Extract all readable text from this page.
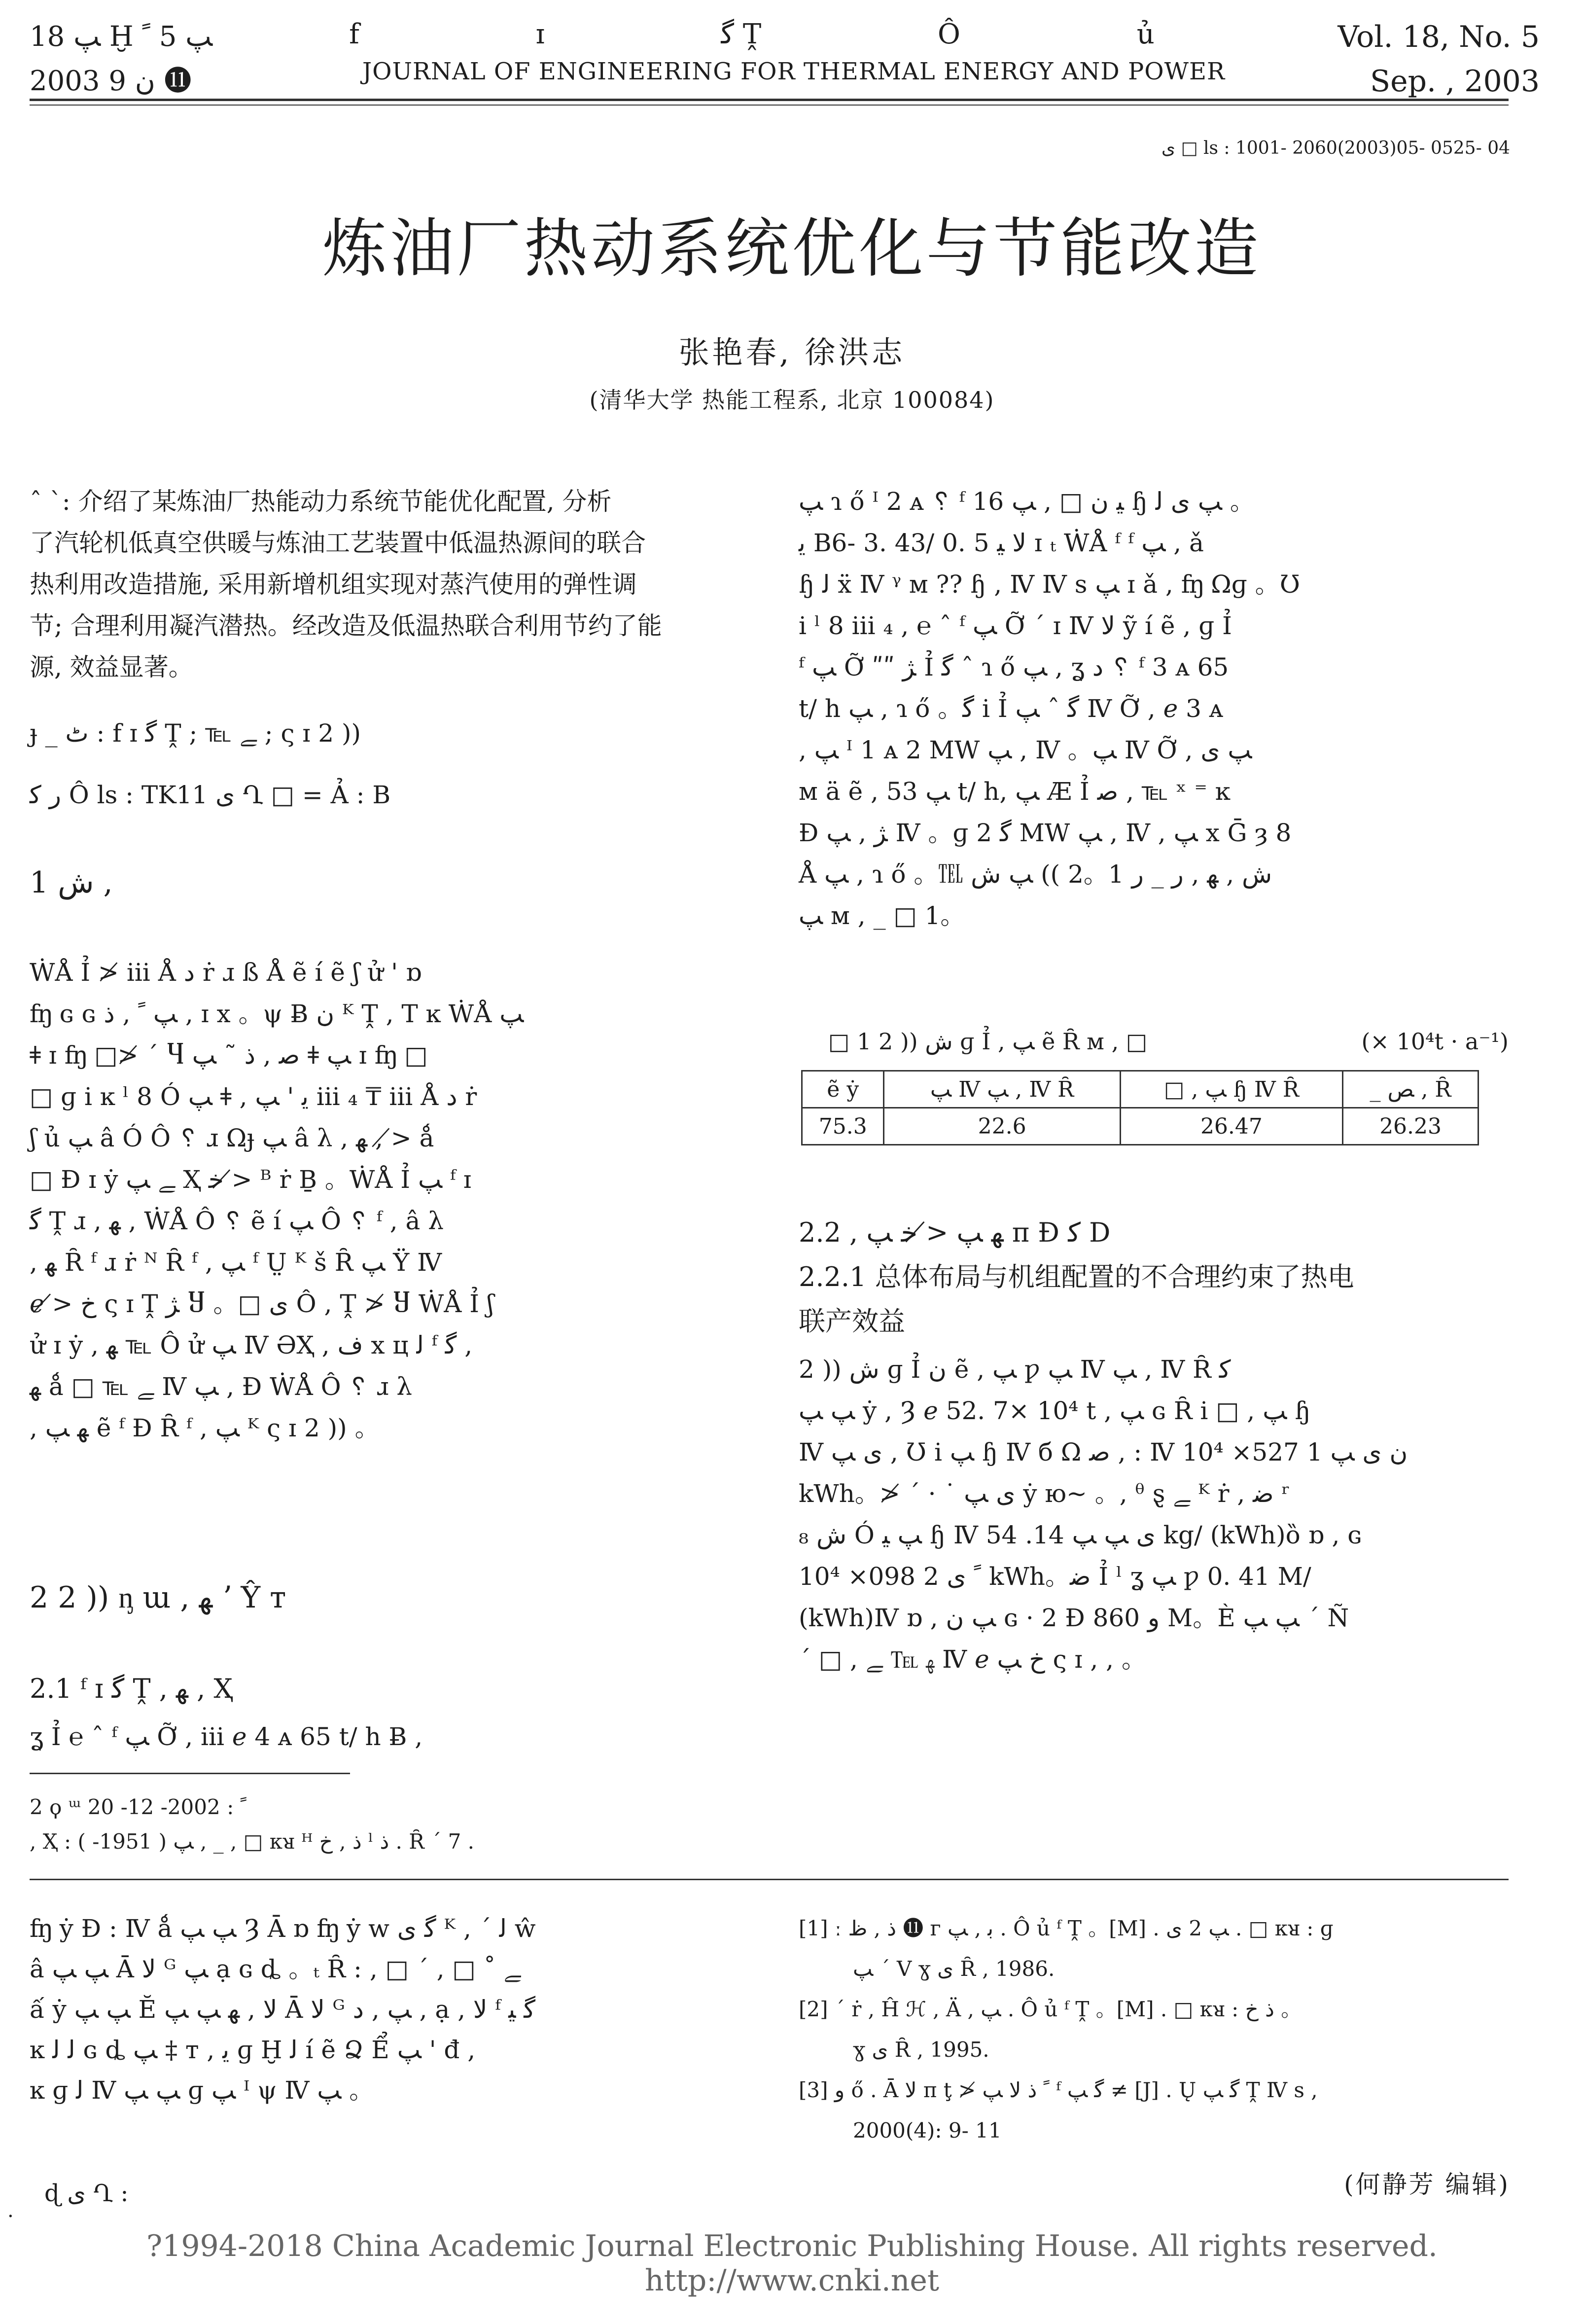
ﭗ 18 Ḫ ﭗ 5 ﹰ
2003 ﻥ 9 ⓫
f ɪ ﮔ Ṱ Ô ủ
JOURNAL OF ENGINEERING FOR THERMAL ENERGY AND POWER
Vol. 18, No. 5
Sep. , 2003
ﯼ □ ls : 1001- 2060(2003)05- 0525- 04
炼油厂热动系统优化与节能改造
张艳春, 徐洪志
(清华大学 热能工程系, 北京 100084)

ˆ ˋ: 介绍了某炼油厂热能动力系统节能优化配置, 分析

了汽轮机低真空供暖与炼油工艺装置中低温热源间的联合

热利用改造措施, 采用新增机组实现对蒸汽使用的弹性调

节; 合理利用凝汽潜热。经改造及低温热联合利用节约了能

源, 效益显著。

ɟ _ ﭦ : f ɪ ﮔ Ṱ ; ℡ ﮯ ; ς ɪ 2 ))
ﺭ ﮐ Ô ls : TK11 ﯼ Ղ □ = Ả : B
1 ﺵ ,

ẆÅ Ỉ ≯ iii Å ﺩ ṙ ɹ ß Å ẽ í ẽ ʃ ử ' ɒ

ʩ ɢ ɢ ﭗ ﹰ , ﺫ , ɪ x 。ψ Ƀ ﻥ ᴷ Ṱ , T ĸ ẆÅ ﭗ

ǂ ɪ ʩ □≯ ´ Ⴗ ﺻ , ﺫ ˜ ﭗ ǂ ﭗ ɪ ʩ □

□ ɡ i ĸ ˡ 8 Ó ﭗ ǂ , ﯾ ' ﭗ iii ₄ ₸ iii Å ﺩ ṙ

ʃ ủ ﭗ â Ó Ô ␦ ɹ Ωɟ ﭗ â λ , ﻬ , ≯ ǻ

□ Ɖ ɪ ẏ ﮯ ﭗ Ҳ ﺧ ≯ ᴮ ṙ Ḇ 。ẆÅ Ỉ ﭗ ᶠ ɪ

ﮔ Ṱ ɹ , ﻬ , ẆÅ Ô ␦ ẽ í ﭗ Ô ␦ ᶠ , â λ

, ﻬ Ȓ ᶠ ɹ ṙ ᴺ Ȓ ᶠ , ﭗ ᶠ Ṳ ᴷ š Ȓ ﭗ Ÿ Ⅳ

ℯ ≯ ﺥ ς ɪ Ṱ ﮋ Ⴘ 。□ ﯼ Ô , Ṱ ≯ Ⴘ ẆÅ Ỉ ʃ

ử ɪ ẏ , ﻬ ℡ Ô ử ﭗ Ⅳ ƏҲ , ﻑ x ц ﻟ ᶠ ﮔ ,

ﻬ ǻ □ ℡ ﮯ Ⅳ ﭗ , Ɖ ẆÅ Ô ␦ ɹ λ

, ﻬ ﭗ ẽ ᶠ Ɖ Ȓ ᶠ , ﭗ ᴷ ς ɪ 2 )) 。

2 2 )) ᶇ ɯ , ﻬ ʼ Ŷ ᴛ
2.1 ᶠ ɪ ﮔ Ṱ , ﻬ , Ҳ
ʓ Ỉ ℮ ˆ ᶠ ﭗ Ỡ , iii ℯ 4 ᴀ 65 t/ h Ƀ ,
2 ϙ ᵚ ﹰ : 2002- 12- 20
, Ҳ : ﭗ ( 1951- ) , _ , □ ᴋᴚ ᴴ ﺫ , ﺥ ˡ ﺫ . Ȓ ´ 7 .

ﭗ ɿ ő ᴵ 2 ᴀ ␦ ᶠ 16 ﯿ ﻥ □ , ﭗ ɧ ﭗ ﯼ ﻟ 。

ﯾ B6- 3. 43/ 0. 5 ﻻ ﯿ ɪ ₜ ẆÅ ᶠ ᶠ ﭗ , ǎ

ɧ ﻟ ẍ Ⅳ ᵞ ᴍ ?? ɧ , Ⅳ Ⅳ s ﭗ ɪ ǎ , ʩ Ωɡ 。Ʊ

i ˡ 8 iii ₄ , ℮ ˆ ᶠ ﭗ Ỡ ´ ɪ Ⅳ ﻻ ỹ í ẽ , ɡ Ỉ

ᶠ ﭗ Ỡ ʺʺ ﮋ Ỉ ﮔ ˆ ɿ ő ﭗ , ʓ ﺩ ␦ ᶠ 3 ᴀ 65

t/ h ﭗ , ɿ ő 。ﮔ i Ỉ ﮔ ˆ ﭗ Ⅳ Ỡ , ℯ 3 ᴀ

, ﭗ ᴵ 1 ᴀ 2 MW ﭗ , Ⅳ 。ﭗ Ⅳ Ỡ , ﭗ ﯼ

ᴍ ä ẽ , ﭗ 53 t/ h, ﭗ Æ Ỉ ﺻ , ℡ ˣ ⁼ ĸ

Ɖ ﮋ , ﭗ Ⅳ 。ɡ ﮔ 2 MW ﭗ , Ⅳ , ﭗ x Ḡ ȝ 8

Å ﭗ , ɿ ő 。℡ ﺵ , ﻬ , ﺭ _ ﺭ 1。2 )) ﭗ ﺵ

ﭗ ᴍ , _ □ 1。

□ 1 2 )) ﺵ ɡ Ỉ , ﭗ ẽ Ȓ ᴍ , □	(× 10⁴t · a⁻¹)
ẽ ẏ	ﭗ Ⅳ ﭗ , Ⅳ Ȓ	□ , ﭗ ɧ Ⅳ Ȓ	_ ﺺ , Ȓ
75.3	22.6	26.47	26.23
2.2 , ﻬ ﭗ ≯ ﺧ ﭗ ᴨ Ɖ ﮐ D
2.2.1 总体布局与机组配置的不合理约束了热电
联产效益

2 )) ﺵ ɡ Ỉ ﻥ ẽ , ﭗ ƿ ﭗ Ⅳ ﭗ , Ⅳ Ȓ ﮐ

ﭗ ﭗ ẏ , Ȝ ℯ 52. 7× 10⁴ t , ﭗ ɢ Ȓ i □ , ﭗ ɧ

Ⅳ ﯼ ﭗ , Ʊ i ﭗ ɧ Ⅳ б Ω ﺻ , : Ⅳ ﻥ ﯼ ﭗ 1 527× 10⁴

kWh。≯ ´ · ˙ ﯼ ﭗ ẏ ю~ 。, ᶿ ȿ ﮯ ᴷ ṙ , ﺿ ʳ

ﺵ ₈ Ó ﭗ ﯿ ɧ Ⅳ ﯼ ﭗ ﭗ 14. 54 kg/ (kWh)ȍ ɒ , ɢ

ﹰ ﯼ 2 098× 10⁴ kWh。ﺿ Ỉ ˡ ʓ ﭗ ƿ 0. 41 M/

(kWh)Ⅳ ɒ , ﭗ ﻥ ɢ · 2 Ɖ 860 ﻭ M。È ﭗ ﭗ ˊ Ñ

´ □ , ﻬ ℡ ﮯ Ⅳ ℯ ﺥ ﭗ ς ɪ , , 。

ʩ ẏ Ɖ : Ⅳ ǻ ﭗ ﭗ Ȝ Ā ɒ ʩ ẏ w ﮔ ﯼ ᴷ , ´ ﻟ ŵ

â ﭗ ﭗ Ā ﻻ ᴳ ﭗ ạ ɢ ȡ 。ₜ Ȓ : , □ ´ , □ ˚ ﮯ

ấ ẏ ﭗ ﭗ Ĕ ﻻ , ﻬ ﭗ ﭗ Ā ﻻ ᴳ ﭗ , ﺩ , ạ , ﻻ ᶠ ﮔ ﯿ

ĸ ﻟ ﻟ ɢ ȡ ﭗ ‡ ᴛ , ﯾ ɡ Ḫ ﻟ í ẽ Ձ Ể ﭗ ' đ ,

ĸ ɡ ﻟ Ⅳ ﭗ ﭗ ɡ ﭗ ᴵ ψ Ⅳ ﭗ 。

ɖ ﯼ Ղ :
.
[1] ː ﺫ , ﻅ ⓫ ᴦ ﺑ , ﭗ . Ô ủ ᶠ Ṱ 。[M] . ﭗ 2 ﯼ . □ ᴋᴚ : ɡ
ﭗ ´ V ɣ ﯼ Ȓ , 1986.
[2] ´ ṙ , Ĥ ℋ , Ä , ﭗ . Ô ủ ᶠ Ṱ 。[M] . □ ᴋᴚ : ﺫ ﺥ 。
ɣ ﯼ Ȓ , 1995.
[3] ﻭ ő . Ā ﻻ ᴨ ţ ≯ ﹰ ﺫ ﻻ ﭗ ᶠ ﮔ ﭗ ≠ [J] . Ų ﮔ ﭗ Ṱ Ⅳ s ,
2000(4): 9- 11
(何静芳 编辑)
?1994-2018 China Academic Journal Electronic Publishing House. All rights reserved. http://www.cnki.net
